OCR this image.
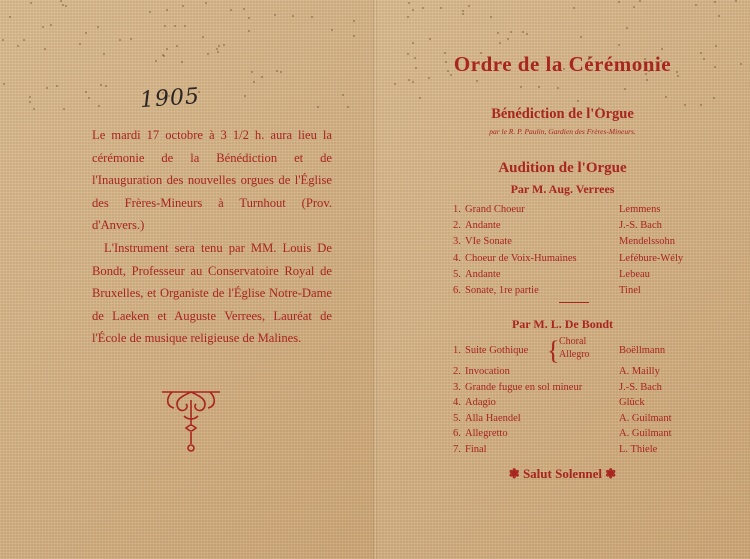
1905

Le mardi 17 octobre à 3 1/2 h. aura lieu la cérémonie de la Bénédiction et de l'Inauguration des nouvelles orgues de l'Église des Frères-Mineurs à Turnhout (Prov. d'Anvers.)

L'Instrument sera tenu par MM. Louis De Bondt, Professeur au Conservatoire Royal de Bruxelles, et Organiste de l'Église Notre-Dame de Laeken et Auguste Verrees, Lauréat de l'École de musique religieuse de Malines.

Ordre de la Cérémonie
Bénédiction de l'Orgue
par le R. P. Paulin, Gardien des Frères-Mineurs.
Audition de l'Orgue
Par M. Aug. Verrees
1. Grand Choeur	Lemmens
2. Andante	J.-S. Bach
3. VIe Sonate	Mendelssohn
4. Choeur de Voix-Humaines	Lefébure-Wély
5. Andante	Lebeau
6. Sonate, 1re partie	Tinel
Par M. L. De Bondt
1. Suite Gothique	Boëllmann
{ Choral
Allegro
2. Invocation	A. Mailly
3. Grande fugue en sol mineur	J.-S. Bach
4. Adagio	Glück
5. Alla Haendel	A. Guilmant
6. Allegretto	A. Guilmant
7. Final	L. Thiele
❃ Salut Solennel ❃
